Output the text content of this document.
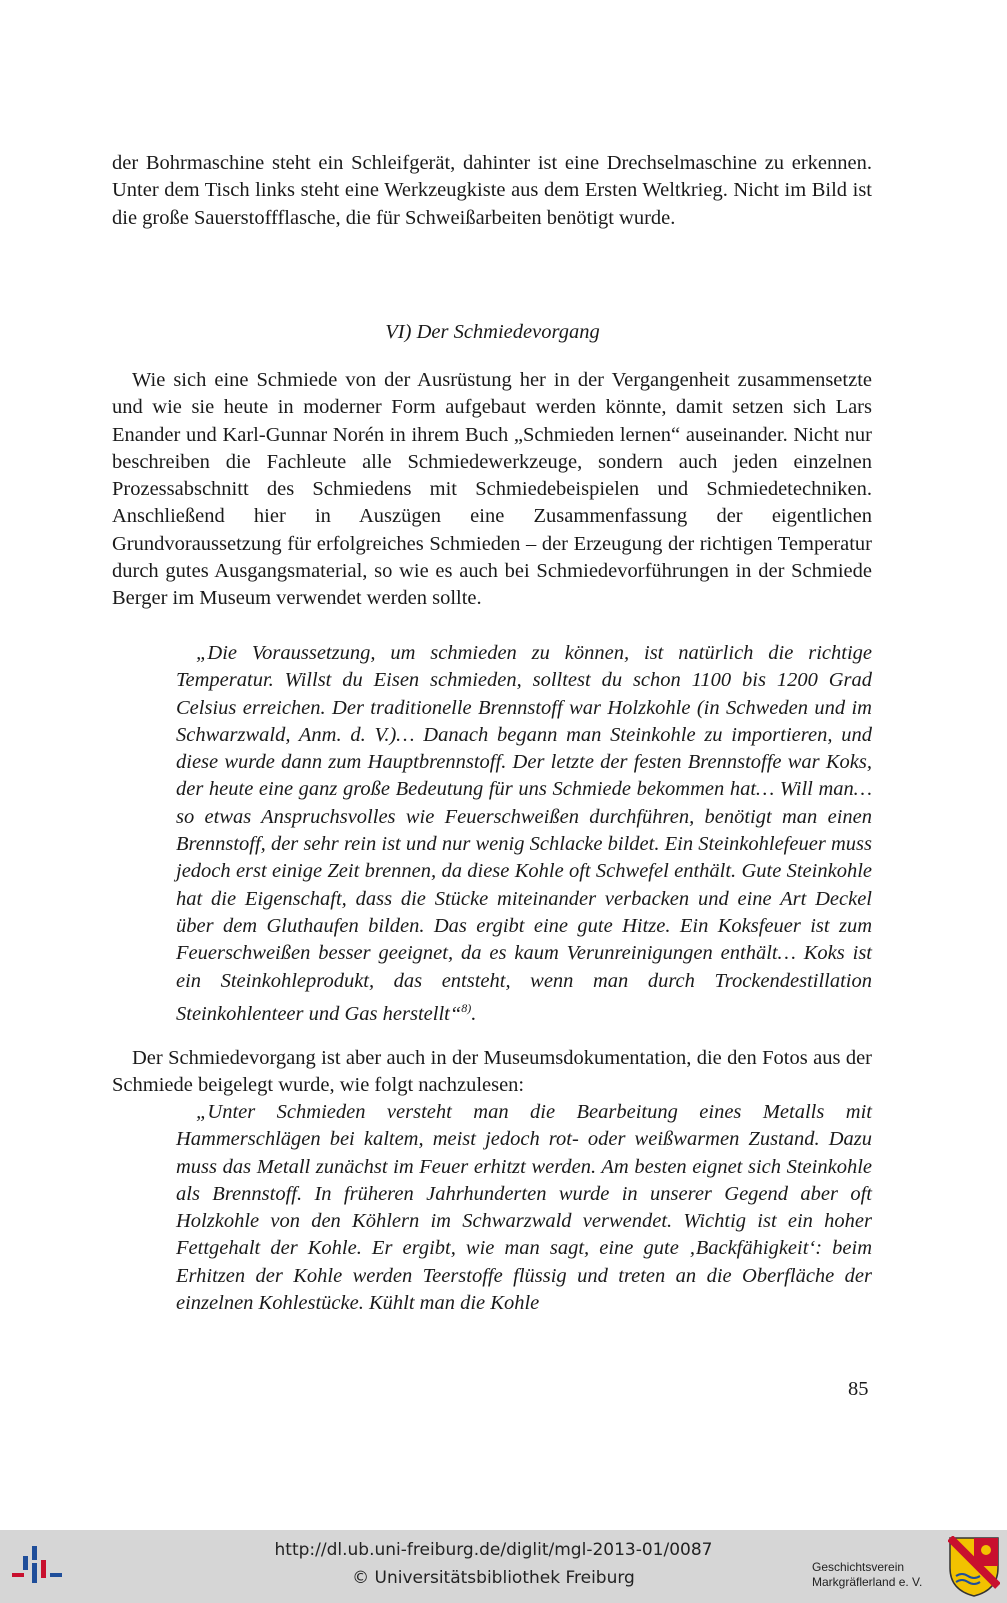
der Bohrmaschine steht ein Schleifgerät, dahinter ist eine Drechselmaschine zu erkennen. Unter dem Tisch links steht eine Werkzeugkiste aus dem Ersten Weltkrieg. Nicht im Bild ist die große Sauerstoffflasche, die für Schweißarbeiten benötigt wurde.

VI) Der Schmiedevorgang

Wie sich eine Schmiede von der Ausrüstung her in der Vergangenheit zusammensetzte und wie sie heute in moderner Form aufgebaut werden könnte, damit setzen sich Lars Enander und Karl-Gunnar Norén in ihrem Buch „Schmieden lernen“ auseinander. Nicht nur beschreiben die Fachleute alle Schmiedewerkzeuge, sondern auch jeden einzelnen Prozessabschnitt des Schmiedens mit Schmiedebeispielen und Schmiedetechniken. Anschließend hier in Auszügen eine Zusammenfassung der eigentlichen Grundvoraussetzung für erfolgreiches Schmieden – der Erzeugung der richtigen Temperatur durch gutes Ausgangsmaterial, so wie es auch bei Schmiedevorführungen in der Schmiede Berger im Museum verwendet werden sollte.

„Die Voraussetzung, um schmieden zu können, ist natürlich die richtige Temperatur. Willst du Eisen schmieden, solltest du schon 1100 bis 1200 Grad Celsius erreichen. Der traditionelle Brennstoff war Holzkohle (in Schweden und im Schwarzwald, Anm. d. V.)… Danach begann man Steinkohle zu importieren, und diese wurde dann zum Hauptbrennstoff. Der letzte der festen Brennstoffe war Koks, der heute eine ganz große Bedeutung für uns Schmiede bekommen hat… Will man… so etwas Anspruchsvolles wie Feuerschweißen durchführen, benötigt man einen Brennstoff, der sehr rein ist und nur wenig Schlacke bildet. Ein Steinkohlefeuer muss jedoch erst einige Zeit brennen, da diese Kohle oft Schwefel enthält. Gute Steinkohle hat die Eigenschaft, dass die Stücke miteinander verbacken und eine Art Deckel über dem Gluthaufen bilden. Das ergibt eine gute Hitze. Ein Koksfeuer ist zum Feuerschweißen besser geeignet, da es kaum Verunreinigungen enthält… Koks ist ein Steinkohleprodukt, das entsteht, wenn man durch Trockendestillation Steinkohlenteer und Gas herstellt“$^{8)}$.

Der Schmiedevorgang ist aber auch in der Museumsdokumentation, die den Fotos aus der Schmiede beigelegt wurde, wie folgt nachzulesen:

„Unter Schmieden versteht man die Bearbeitung eines Metalls mit Hammerschlägen bei kaltem, meist jedoch rot- oder weißwarmen Zustand. Dazu muss das Metall zunächst im Feuer erhitzt werden. Am besten eignet sich Steinkohle als Brennstoff. In früheren Jahrhunderten wurde in unserer Gegend aber oft Holzkohle von den Köhlern im Schwarzwald verwendet. Wichtig ist ein hoher Fettgehalt der Kohle. Er ergibt, wie man sagt, eine gute ‚Backfähigkeit‘: beim Erhitzen der Kohle werden Teerstoffe flüssig und treten an die Oberfläche der einzelnen Kohlestücke. Kühlt man die Kohle

85
http://dl.ub.uni-freiburg.de/diglit/mgl-2013-01/0087
© Universitätsbibliothek Freiburg
Geschichtsverein
Markgräflerland e. V.
